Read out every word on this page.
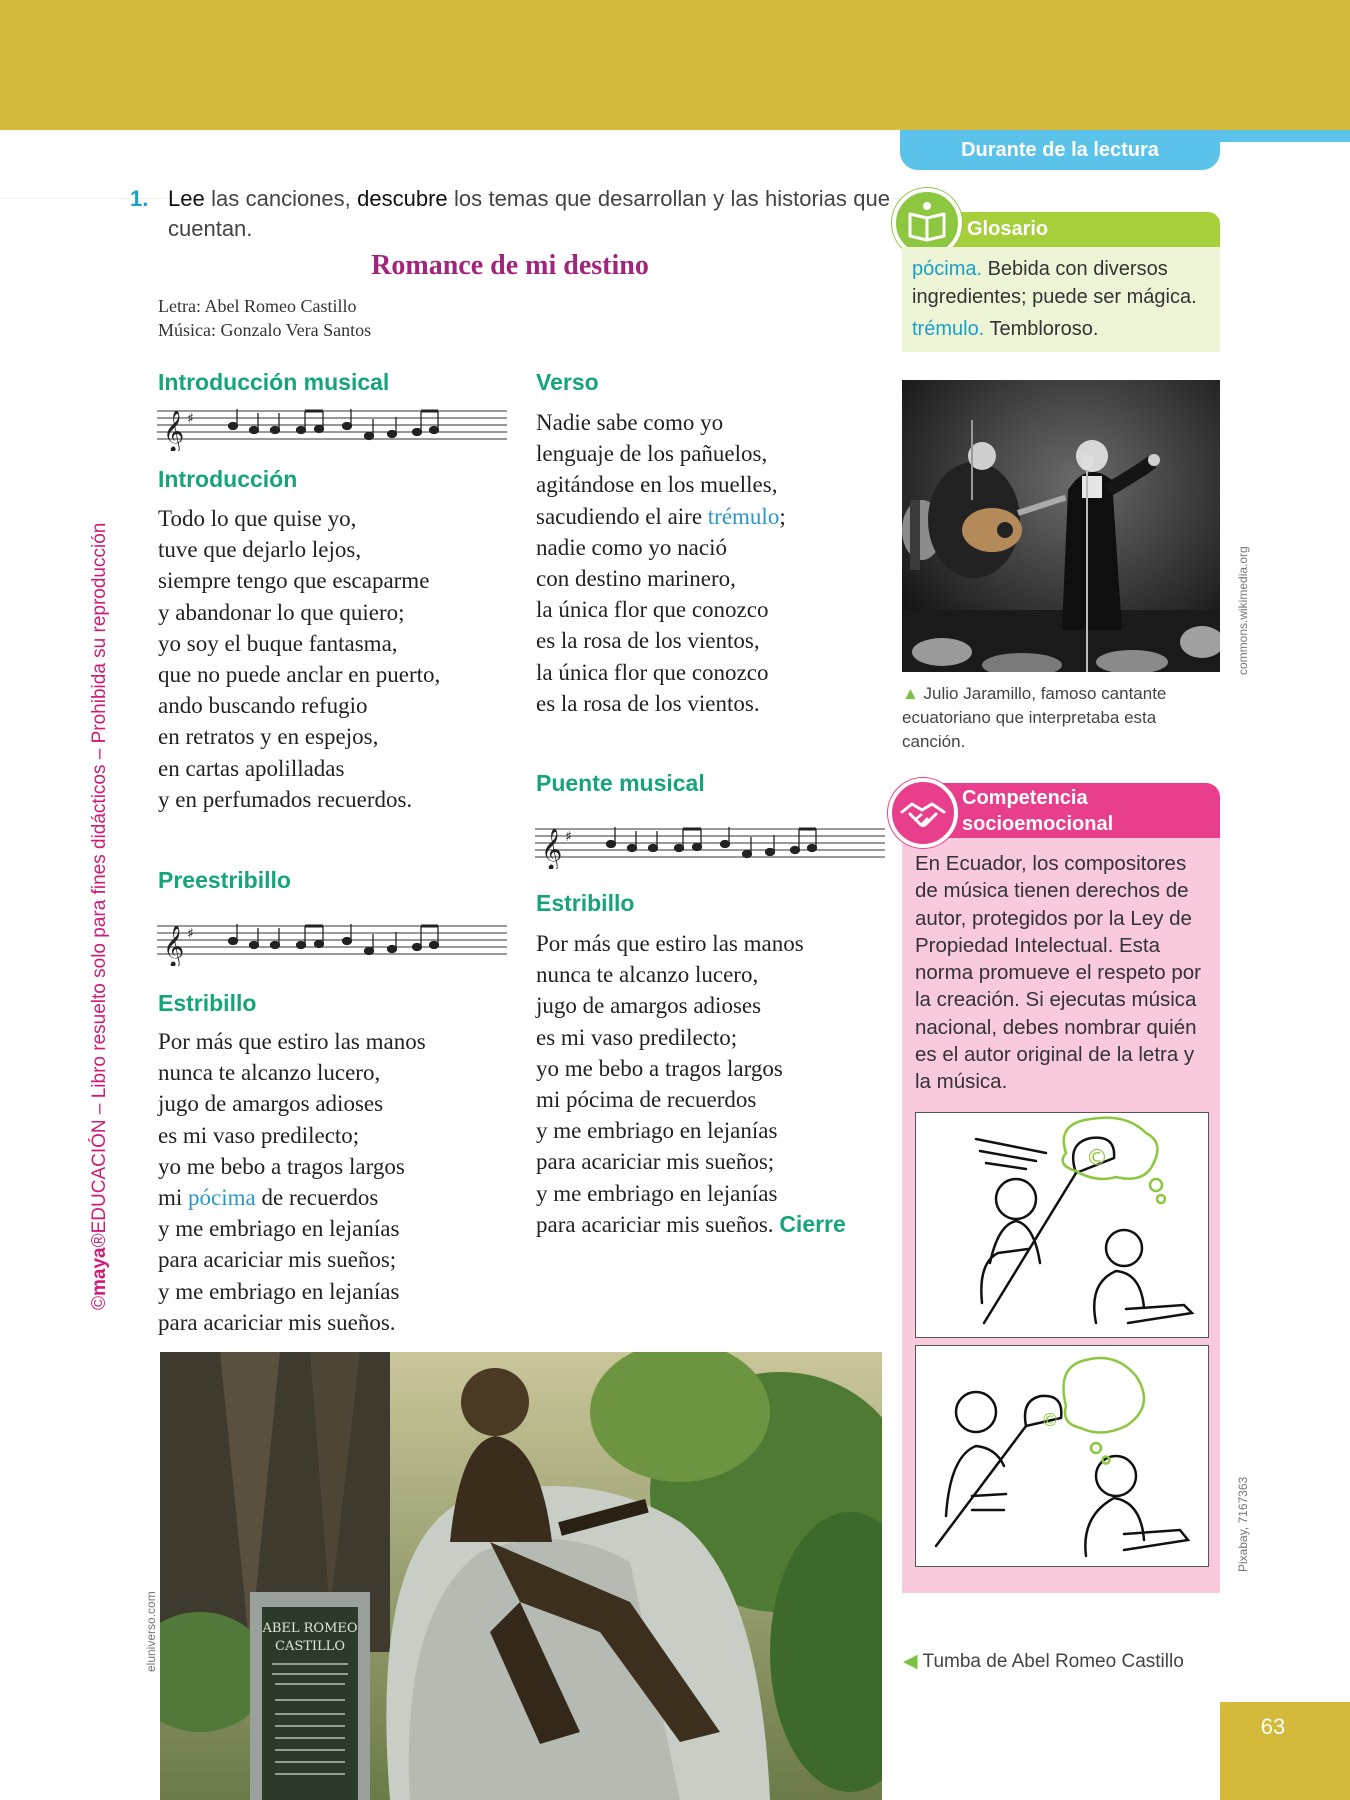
Durante de la lectura
©maya®EDUCACIÓN – Libro resuelto solo para fines didácticos – Prohibida su reproducción
1. Lee las canciones, descubre los temas que desarrollan y las historias que cuentan.
Romance de mi destino
Letra: Abel Romeo Castillo
Música: Gonzalo Vera Santos
Introducción musical
Introducción
Todo lo que quise yo,
tuve que dejarlo lejos,
siempre tengo que escaparme
y abandonar lo que quiero;
yo soy el buque fantasma,
que no puede anclar en puerto,
ando buscando refugio
en retratos y en espejos,
en cartas apolilladas
y en perfumados recuerdos.
Preestribillo
Estribillo
Por más que estiro las manos
nunca te alcanzo lucero,
jugo de amargos adioses
es mi vaso predilecto;
yo me bebo a tragos largos
mi pócima de recuerdos
y me embriago en lejanías
para acariciar mis sueños;
y me embriago en lejanías
para acariciar mis sueños.
Verso
Nadie sabe como yo
lenguaje de los pañuelos,
agitándose en los muelles,
sacudiendo el aire trémulo;
nadie como yo nació
con destino marinero,
la única flor que conozco
es la rosa de los vientos,
la única flor que conozco
es la rosa de los vientos.
Puente musical
Estribillo
Por más que estiro las manos
nunca te alcanzo lucero,
jugo de amargos adioses
es mi vaso predilecto;
yo me bebo a tragos largos
mi pócima de recuerdos
y me embriago en lejanías
para acariciar mis sueños;
y me embriago en lejanías
para acariciar mis sueños. Cierre
Glosario

pócima. Bebida con diversos ingredientes; puede ser mágica.

trémulo. Tembloroso.

commons.wikimedia.org
▲ Julio Jaramillo, famoso cantante ecuatoriano que interpretaba esta canción.
Competencia
socioemocional
En Ecuador, los compositores de música tienen derechos de autor, protegidos por la Ley de Propiedad Intelectual. Esta norma promueve el respeto por la creación. Si ejecutas música nacional, debes nombrar quién es el autor original de la letra y la música.
©
©
Pixabay, 7167363
◀ Tumba de Abel Romeo Castillo
ABEL ROMEO
CASTILLO
eluniverso.com
63
